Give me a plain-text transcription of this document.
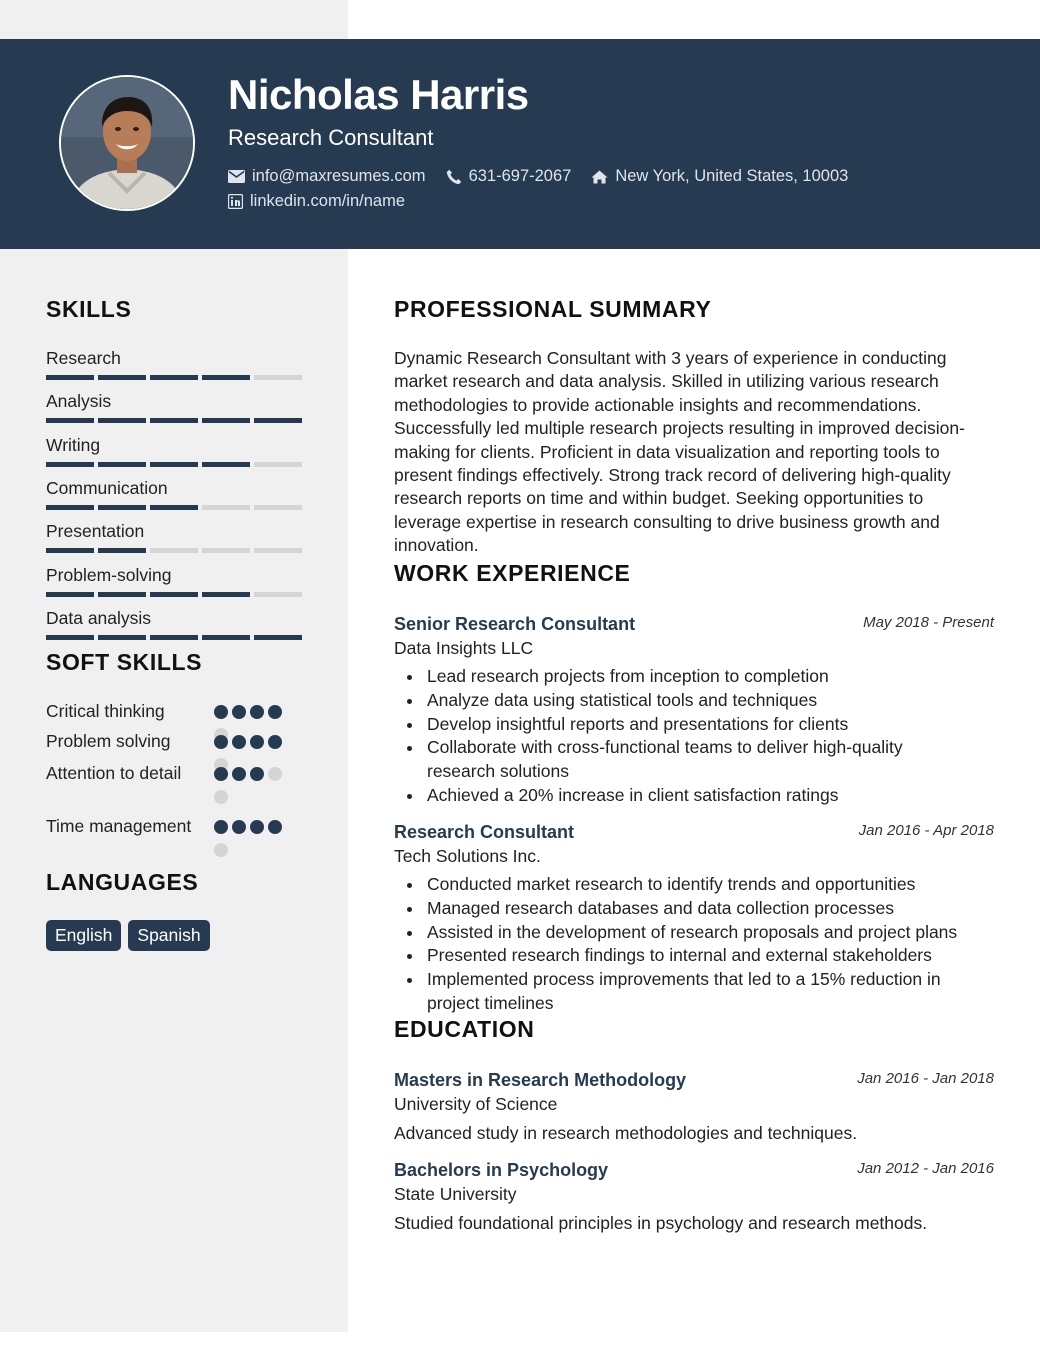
Nicholas Harris
Research Consultant
info@maxresumes.com	631-697-2067	New York, United States, 10003
linkedin.com/in/name
SKILLS
Research
Analysis
Writing
Communication
Presentation
Problem-solving
Data analysis
SOFT SKILLS
Critical thinking
Problem solving
Attention to detail
Time management
LANGUAGES
English	Spanish
PROFESSIONAL SUMMARY
Dynamic Research Consultant with 3 years of experience in conducting market research and data analysis. Skilled in utilizing various research methodologies to provide actionable insights and recommendations. Successfully led multiple research projects resulting in improved decision-making for clients. Proficient in data visualization and reporting tools to present findings effectively. Strong track record of delivering high-quality research reports on time and within budget. Seeking opportunities to leverage expertise in research consulting to drive business growth and innovation.
WORK EXPERIENCE
Senior Research Consultant	May 2018 - Present
Data Insights LLC
Lead research projects from inception to completion
Analyze data using statistical tools and techniques
Develop insightful reports and presentations for clients
Collaborate with cross-functional teams to deliver high-quality research solutions
Achieved a 20% increase in client satisfaction ratings
Research Consultant	Jan 2016 - Apr 2018
Tech Solutions Inc.
Conducted market research to identify trends and opportunities
Managed research databases and data collection processes
Assisted in the development of research proposals and project plans
Presented research findings to internal and external stakeholders
Implemented process improvements that led to a 15% reduction in project timelines
EDUCATION
Masters in Research Methodology	Jan 2016 - Jan 2018
University of Science
Advanced study in research methodologies and techniques.
Bachelors in Psychology	Jan 2012 - Jan 2016
State University
Studied foundational principles in psychology and research methods.
